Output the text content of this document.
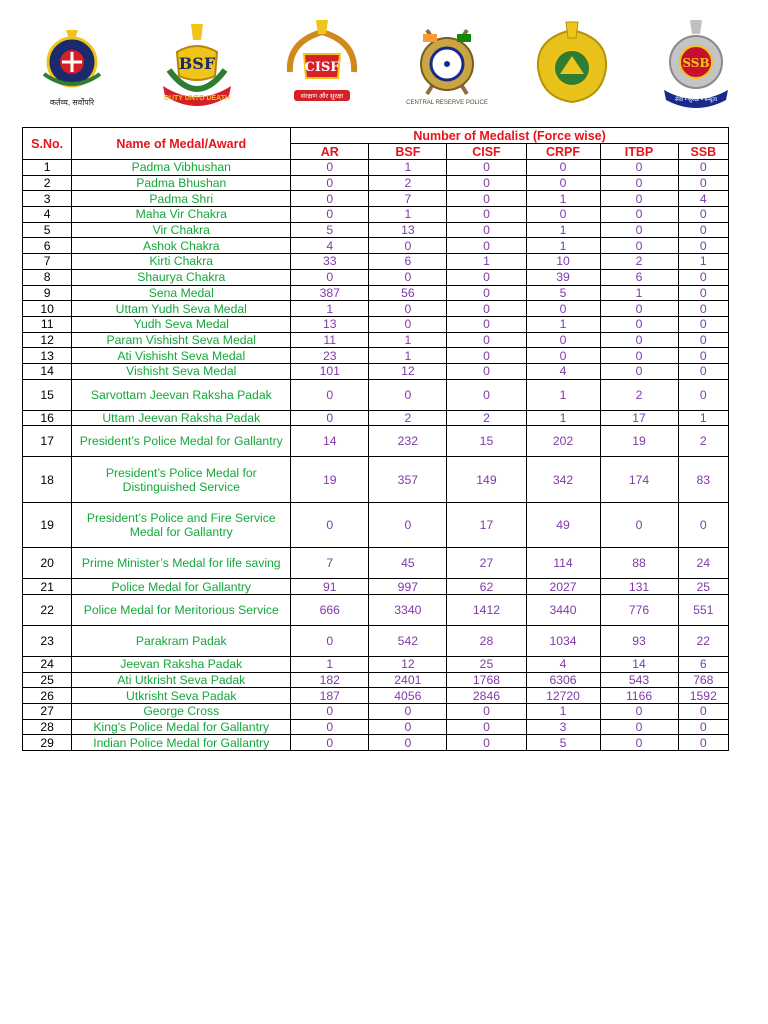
कर्तव्य, सर्वोपरि
BSF
DUTY UNTO DEATH
CISF
संरक्षण और सुरक्षा
CENTRAL RESERVE POLICE
SSB
सेवा • सुरक्षा • बन्धुत्व
S.No.	Name of Medal/Award	Number of Medalist (Force wise)					
		AR	BSF	CISF	CRPF	ITBP	SSB
1	Padma Vibhushan	0	1	0	0	0	0
2	Padma Bhushan	0	2	0	0	0	0
3	Padma Shri	0	7	0	1	0	4
4	Maha Vir Chakra	0	1	0	0	0	0
5	Vir Chakra	5	13	0	1	0	0
6	Ashok Chakra	4	0	0	1	0	0
7	Kirti Chakra	33	6	1	10	2	1
8	Shaurya Chakra	0	0	0	39	6	0
9	Sena Medal	387	56	0	5	1	0
10	Uttam Yudh Seva Medal	1	0	0	0	0	0
11	Yudh Seva Medal	13	0	0	1	0	0
12	Param Vishisht Seva Medal	11	1	0	0	0	0
13	Ati Vishisht Seva Medal	23	1	0	0	0	0
14	Vishisht Seva Medal	101	12	0	4	0	0
15	Sarvottam Jeevan Raksha Padak	0	0	0	1	2	0
16	Uttam Jeevan Raksha Padak	0	2	2	1	17	1
17	President’s Police Medal for Gallantry	14	232	15	202	19	2
18	President’s Police Medal for Distinguished Service	19	357	149	342	174	83
19	President’s Police and Fire Service Medal for Gallantry	0	0	17	49	0	0
20	Prime Minister’s Medal for life saving	7	45	27	114	88	24
21	Police Medal for Gallantry	91	997	62	2027	131	25
22	Police Medal for Meritorious Service	666	3340	1412	3440	776	551
23	Parakram Padak	0	542	28	1034	93	22
24	Jeevan Raksha Padak	1	12	25	4	14	6
25	Ati Utkrisht Seva Padak	182	2401	1768	6306	543	768
26	Utkrisht Seva Padak	187	4056	2846	12720	1166	1592
27	George Cross	0	0	0	1	0	0
28	King's Police Medal for Gallantry	0	0	0	3	0	0
29	Indian Police Medal for Gallantry	0	0	0	5	0	0
